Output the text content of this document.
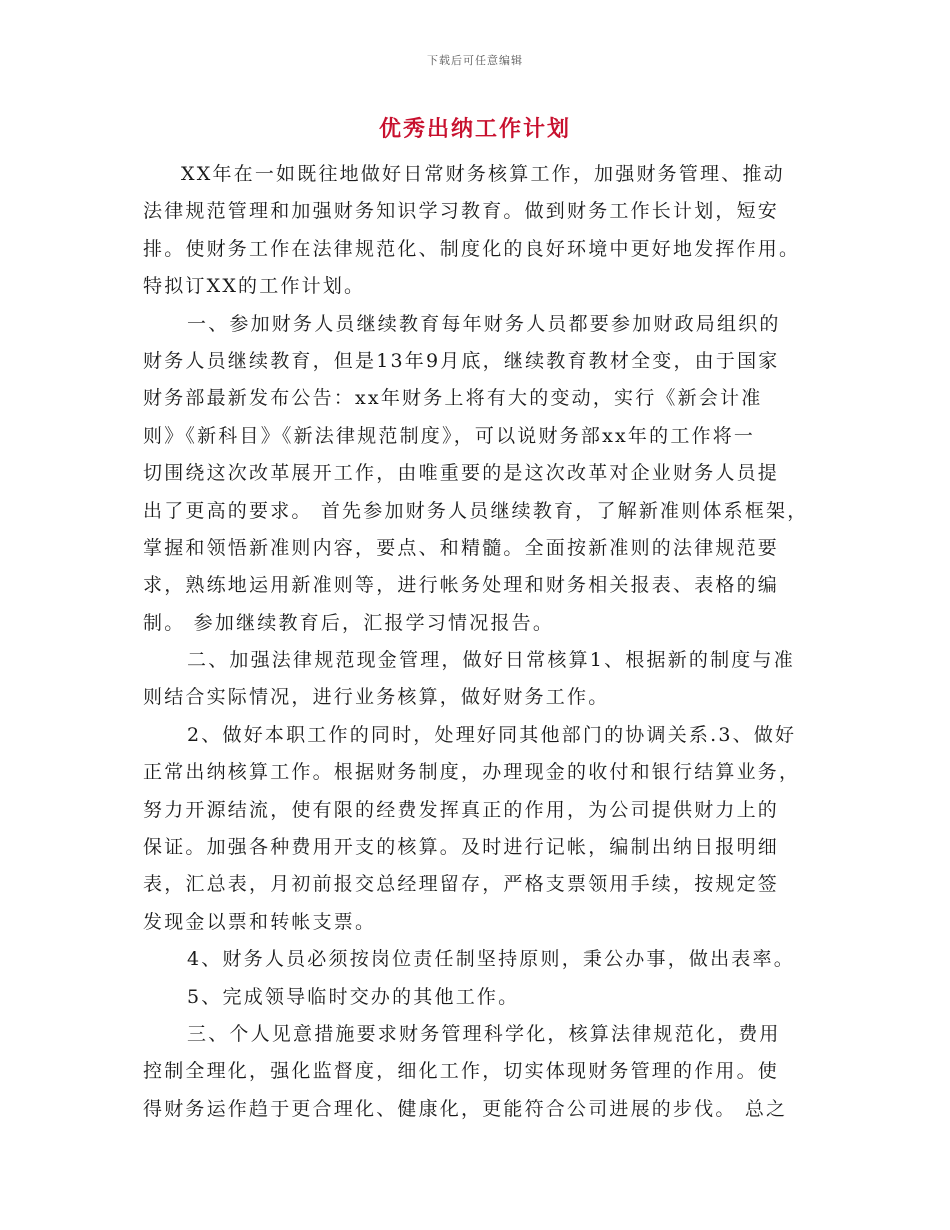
下载后可任意编辑
优秀出纳工作计划
XX年在一如既往地做好日常财务核算工作，加强财务管理、推动
法律规范管理和加强财务知识学习教育。做到财务工作长计划，短安
排。使财务工作在法律规范化、制度化的良好环境中更好地发挥作用。
特拟订XX的工作计划。
一、参加财务人员继续教育每年财务人员都要参加财政局组织的
财务人员继续教育，但是13年9月底，继续教育教材全变，由于国家
财务部最新发布公告：xx年财务上将有大的变动，实行《新会计准
则》《新科目》《新法律规范制度》，可以说财务部xx年的工作将一
切围绕这次改革展开工作，由唯重要的是这次改革对企业财务人员提
出了更高的要求。 首先参加财务人员继续教育，了解新准则体系框架，
掌握和领悟新准则内容，要点、和精髓。全面按新准则的法律规范要
求，熟练地运用新准则等，进行帐务处理和财务相关报表、表格的编
制。 参加继续教育后，汇报学习情况报告。
二、加强法律规范现金管理，做好日常核算1、根据新的制度与准
则结合实际情况，进行业务核算，做好财务工作。
2、做好本职工作的同时，处理好同其他部门的协调关系.3、做好
正常出纳核算工作。根据财务制度，办理现金的收付和银行结算业务，
努力开源结流，使有限的经费发挥真正的作用，为公司提供财力上的
保证。加强各种费用开支的核算。及时进行记帐，编制出纳日报明细
表，汇总表，月初前报交总经理留存，严格支票领用手续，按规定签
发现金以票和转帐支票。
4、财务人员必须按岗位责任制坚持原则，秉公办事，做出表率。
5、完成领导临时交办的其他工作。
三、个人见意措施要求财务管理科学化，核算法律规范化，费用
控制全理化，强化监督度，细化工作，切实体现财务管理的作用。使
得财务运作趋于更合理化、健康化，更能符合公司进展的步伐。 总之
